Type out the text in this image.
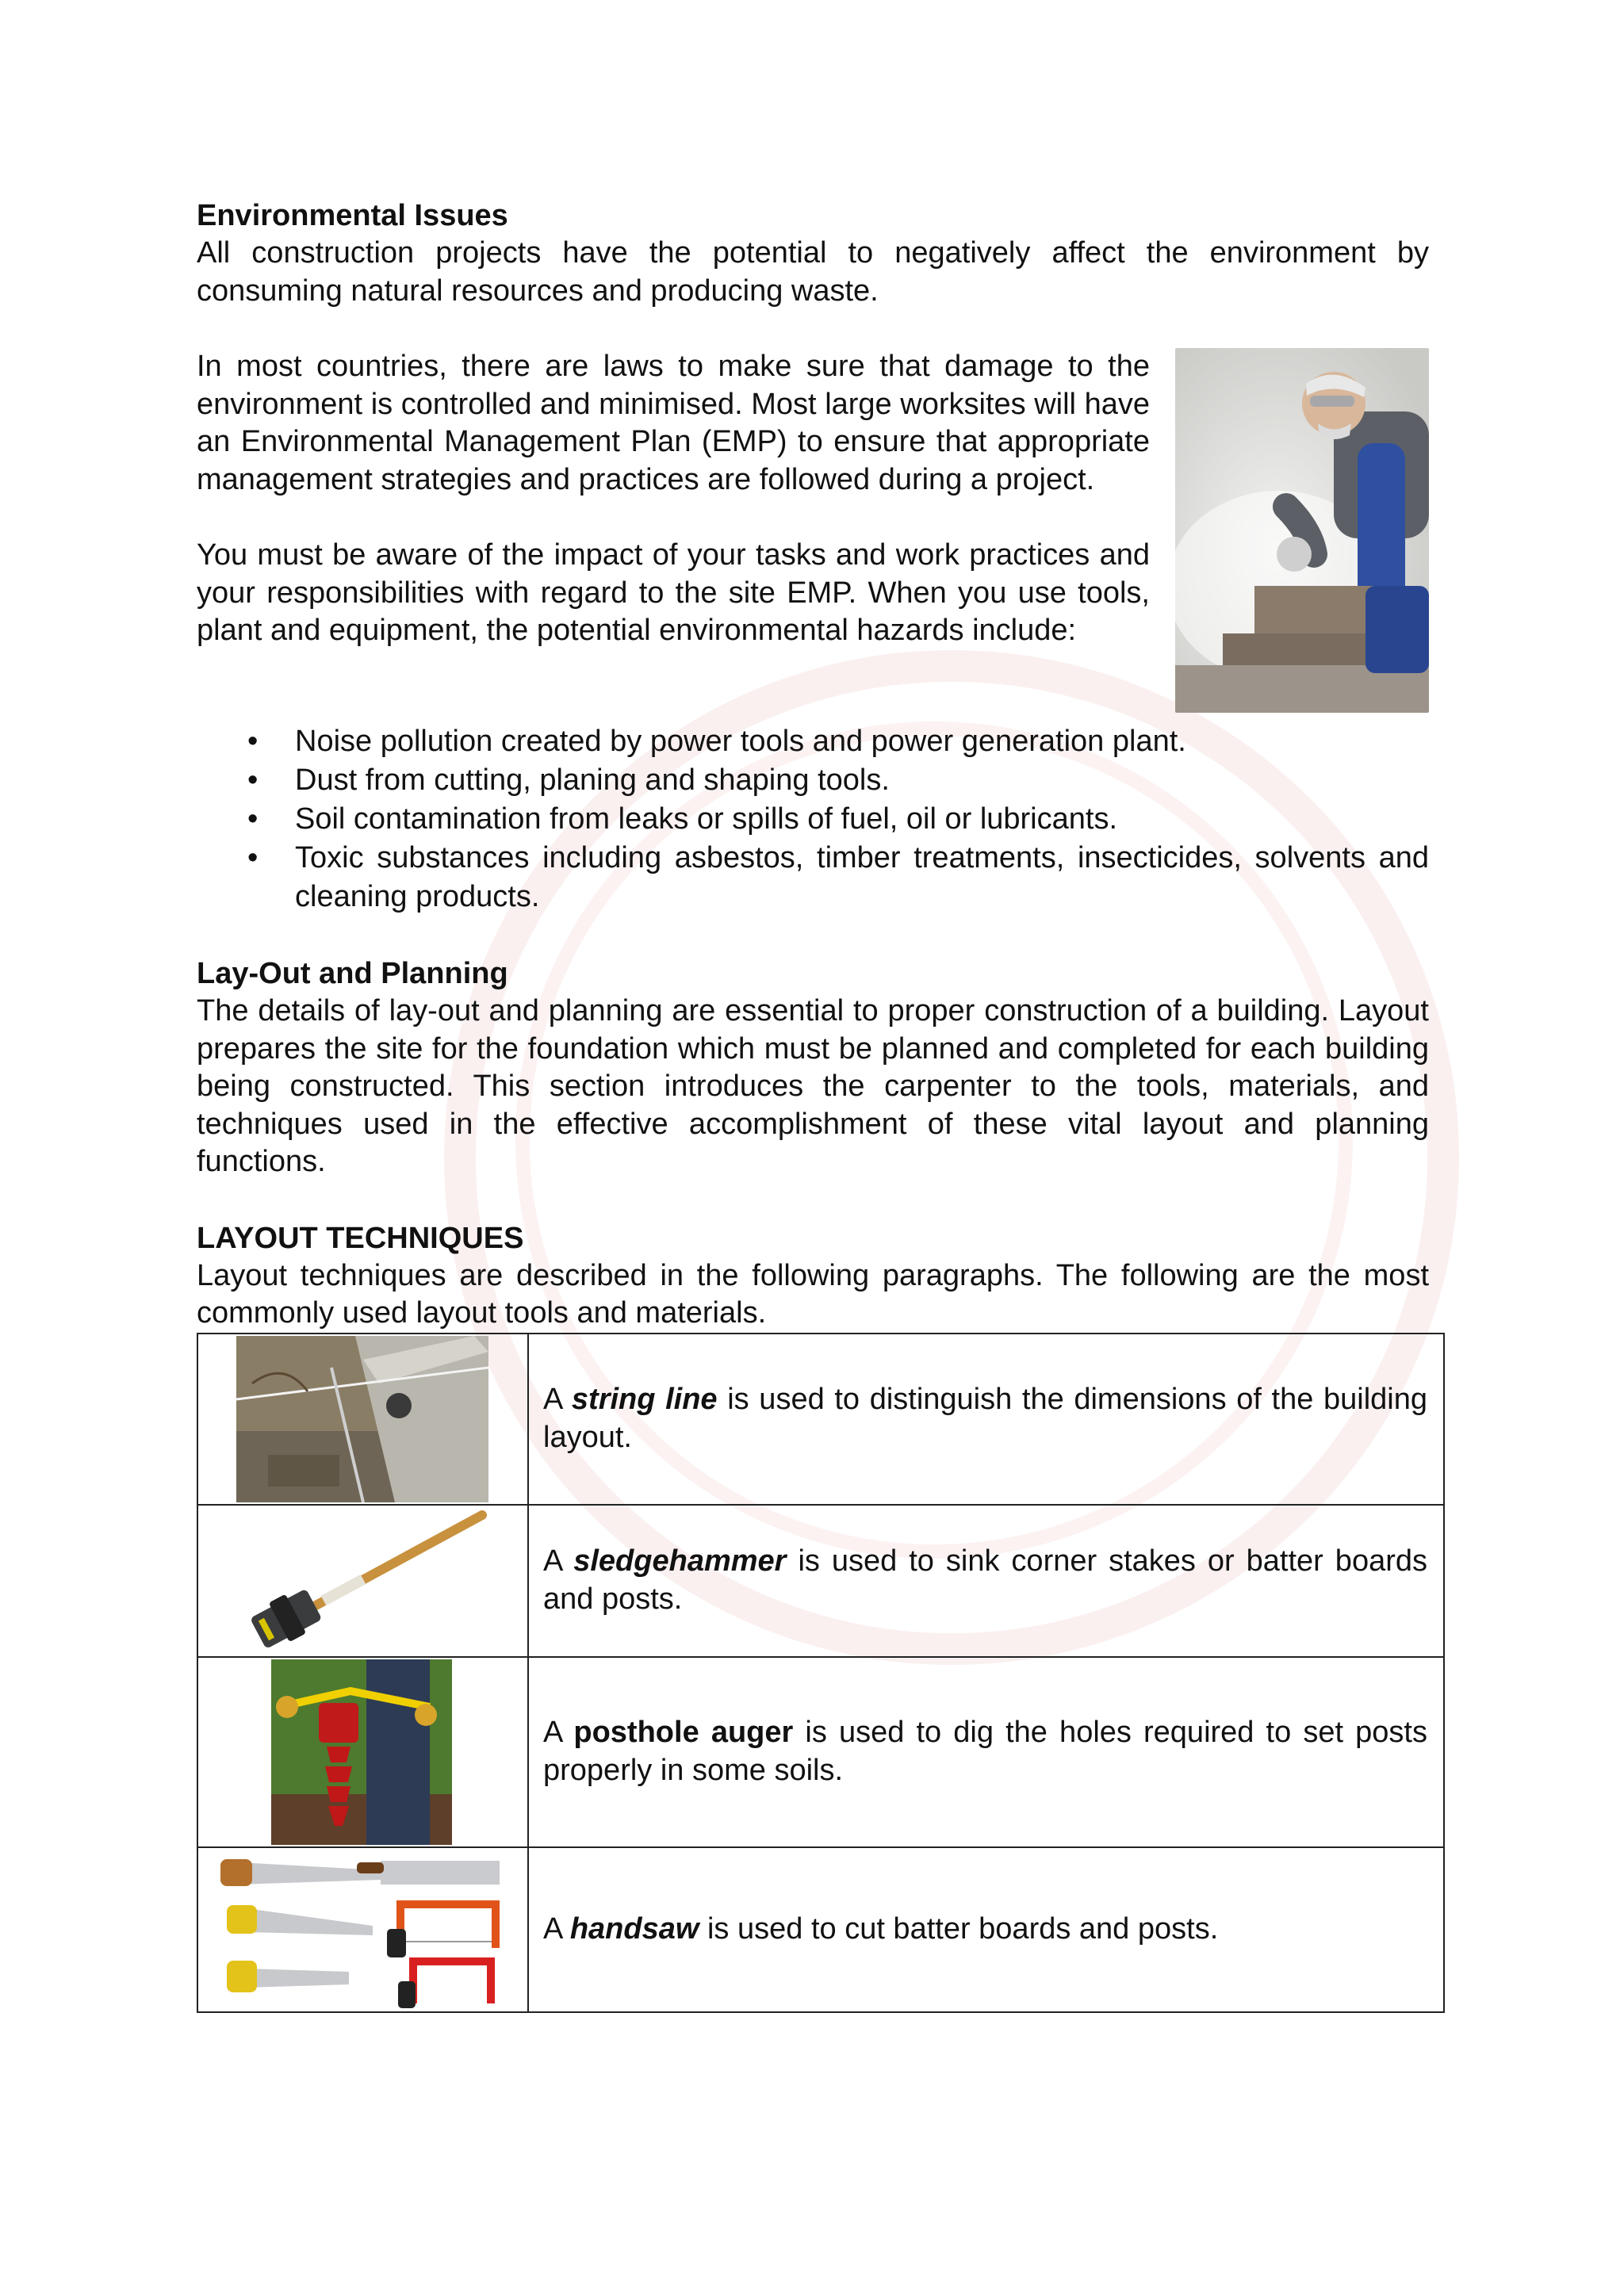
Environmental Issues

All construction projects have the potential to negatively affect the environment by consuming natural resources and producing waste.

In most countries, there are laws to make sure that damage to the environment is controlled and minimised. Most large worksites will have an Environmental Management Plan (EMP) to ensure that appropriate management strategies and practices are followed during a project.

You must be aware of the impact of your tasks and work practices and your responsibilities with regard to the site EMP. When you use tools, plant and equipment, the potential environmental hazards include:

• Noise pollution created by power tools and power generation plant.
• Dust from cutting, planing and shaping tools.
• Soil contamination from leaks or spills of fuel, oil or lubricants.
• Toxic substances including asbestos, timber treatments, insecticides, solvents and cleaning products.

Lay-Out and Planning

The details of lay-out and planning are essential to proper construction of a building. Layout prepares the site for the foundation which must be planned and completed for each building being constructed. This section introduces the carpenter to the tools, materials, and techniques used in the effective accomplishment of these vital layout and planning functions.

LAYOUT TECHNIQUES

Layout techniques are described in the following paragraphs. The following are the most commonly used layout tools and materials.

	A string line is used to distinguish the dimensions of the building layout.

	A sledgehammer is used to sink corner stakes or batter boards and posts.

	A posthole auger is used to dig the holes required to set posts properly in some soils.

	A handsaw is used to cut batter boards and posts.
